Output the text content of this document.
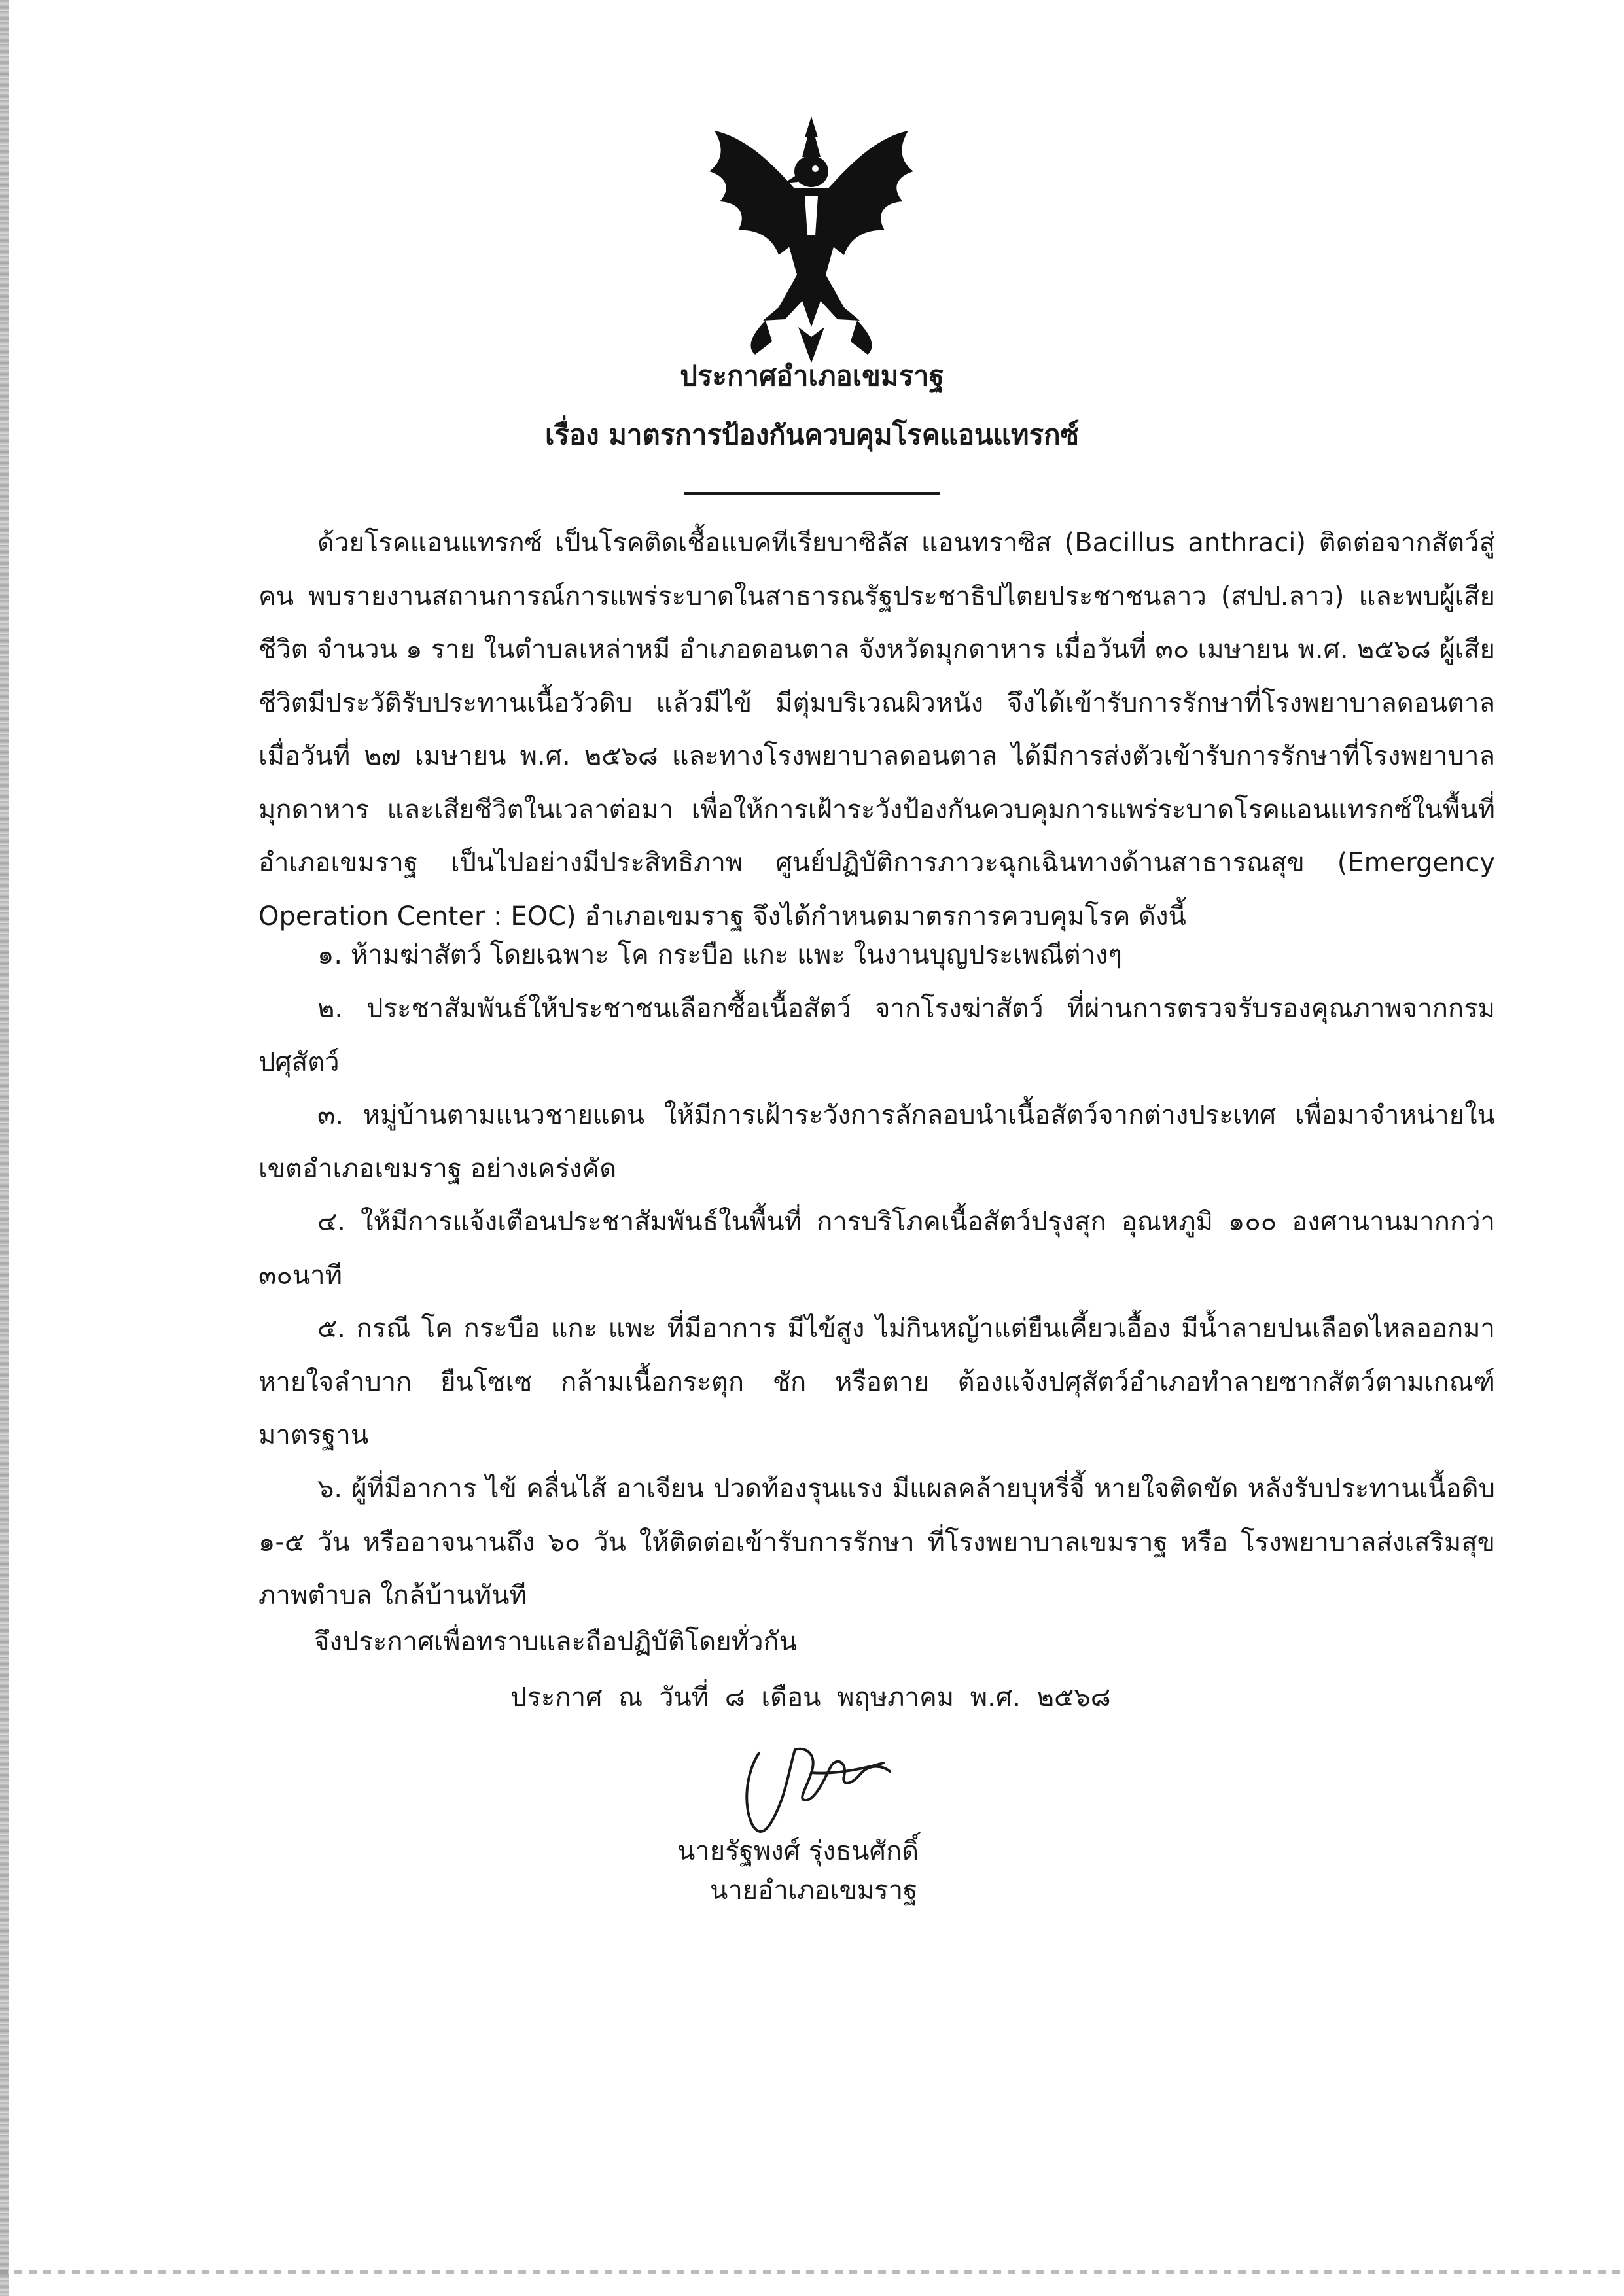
ประกาศอำเภอเขมราฐ
เรื่อง มาตรการป้องกันควบคุมโรคแอนแทรกซ์

ด้วยโรคแอนแทรกซ์ เป็นโรคติดเชื้อแบคทีเรียบาซิลัส แอนทราซิส (Bacillus anthraci) ติดต่อจากสัตว์สู่คน พบรายงานสถานการณ์การแพร่ระบาดในสาธารณรัฐประชาธิปไตยประชาชนลาว (สปป.ลาว) และพบผู้เสียชีวิต จำนวน ๑ ราย ในตำบลเหล่าหมี อำเภอดอนตาล จังหวัดมุกดาหาร เมื่อวันที่ ๓๐ เมษายน พ.ศ. ๒๕๖๘ ผู้เสียชีวิตมีประวัติรับประทานเนื้อวัวดิบ แล้วมีไข้ มีตุ่มบริเวณผิวหนัง จึงได้เข้ารับการรักษาที่โรงพยาบาลดอนตาล เมื่อวันที่ ๒๗ เมษายน พ.ศ. ๒๕๖๘ และทางโรงพยาบาลดอนตาล ได้มีการส่งตัวเข้ารับการรักษาที่โรงพยาบาลมุกดาหาร และเสียชีวิตในเวลาต่อมา เพื่อให้การเฝ้าระวังป้องกันควบคุมการแพร่ระบาดโรคแอนแทรกซ์ในพื้นที่อำเภอเขมราฐ เป็นไปอย่างมีประสิทธิภาพ ศูนย์ปฏิบัติการภาวะฉุกเฉินทางด้านสาธารณสุข (Emergency Operation Center : EOC) อำเภอเขมราฐ จึงได้กำหนดมาตรการควบคุมโรค ดังนี้

๑. ห้ามฆ่าสัตว์ โดยเฉพาะ โค กระบือ แกะ แพะ ในงานบุญประเพณีต่างๆ

๒. ประชาสัมพันธ์ให้ประชาชนเลือกซื้อเนื้อสัตว์ จากโรงฆ่าสัตว์ ที่ผ่านการตรวจรับรองคุณภาพจากกรมปศุสัตว์

๓. หมู่บ้านตามแนวชายแดน ให้มีการเฝ้าระวังการลักลอบนำเนื้อสัตว์จากต่างประเทศ เพื่อมาจำหน่ายในเขตอำเภอเขมราฐ อย่างเคร่งคัด

๔. ให้มีการแจ้งเตือนประชาสัมพันธ์ในพื้นที่ การบริโภคเนื้อสัตว์ปรุงสุก อุณหภูมิ ๑๐๐ องศานานมากกว่า ๓๐นาที

๕. กรณี โค กระบือ แกะ แพะ ที่มีอาการ มีไข้สูง ไม่กินหญ้าแต่ยืนเคี้ยวเอื้อง มีน้ำลายปนเลือดไหลออกมา หายใจลำบาก ยืนโซเซ กล้ามเนื้อกระตุก ชัก หรือตาย ต้องแจ้งปศุสัตว์อำเภอทำลายซากสัตว์ตามเกณฑ์มาตรฐาน

๖. ผู้ที่มีอาการ ไข้ คลื่นไส้ อาเจียน ปวดท้องรุนแรง มีแผลคล้ายบุหรี่จี้ หายใจติดขัด หลังรับประทานเนื้อดิบ ๑-๕ วัน หรืออาจนานถึง ๖๐ วัน ให้ติดต่อเข้ารับการรักษา ที่โรงพยาบาลเขมราฐ หรือ โรงพยาบาลส่งเสริมสุขภาพตำบล ใกล้บ้านทันที

จึงประกาศเพื่อทราบและถือปฏิบัติโดยทั่วกัน
ประกาศ ณ วันที่ ๘ เดือน พฤษภาคม พ.ศ. ๒๕๖๘
นายรัฐพงศ์ รุ่งธนศักดิ์
นายอำเภอเขมราฐ
